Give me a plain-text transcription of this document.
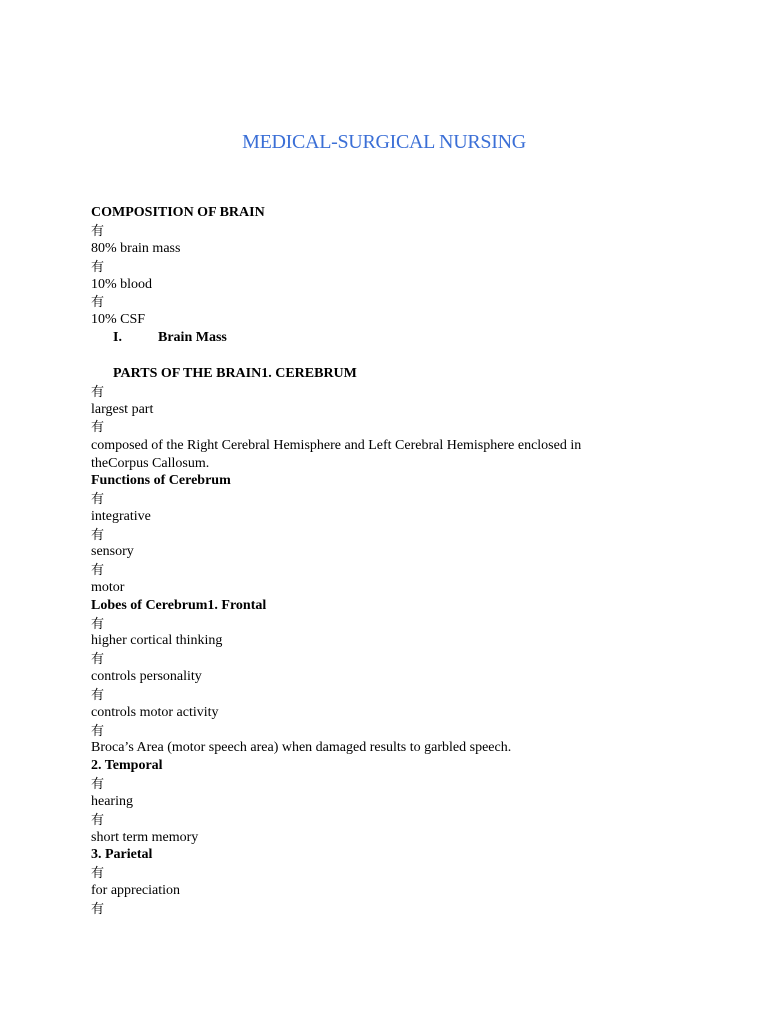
MEDICAL-SURGICAL NURSING
COMPOSITION OF BRAIN
有
80% brain mass
有
10% blood
有
10% CSF
I.	Brain Mass
PARTS OF THE BRAIN1. CEREBRUM
有
largest part
有
composed of the Right Cerebral Hemisphere and Left Cerebral Hemisphere enclosed in
theCorpus Callosum.
Functions of Cerebrum
有
integrative
有
sensory
有
motor
Lobes of Cerebrum1. Frontal
有
higher cortical thinking
有
controls personality
有
controls motor activity
有
Broca’s Area (motor speech area) when damaged results to garbled speech.
2. Temporal
有
hearing
有
short term memory
3. Parietal
有
for appreciation
有
